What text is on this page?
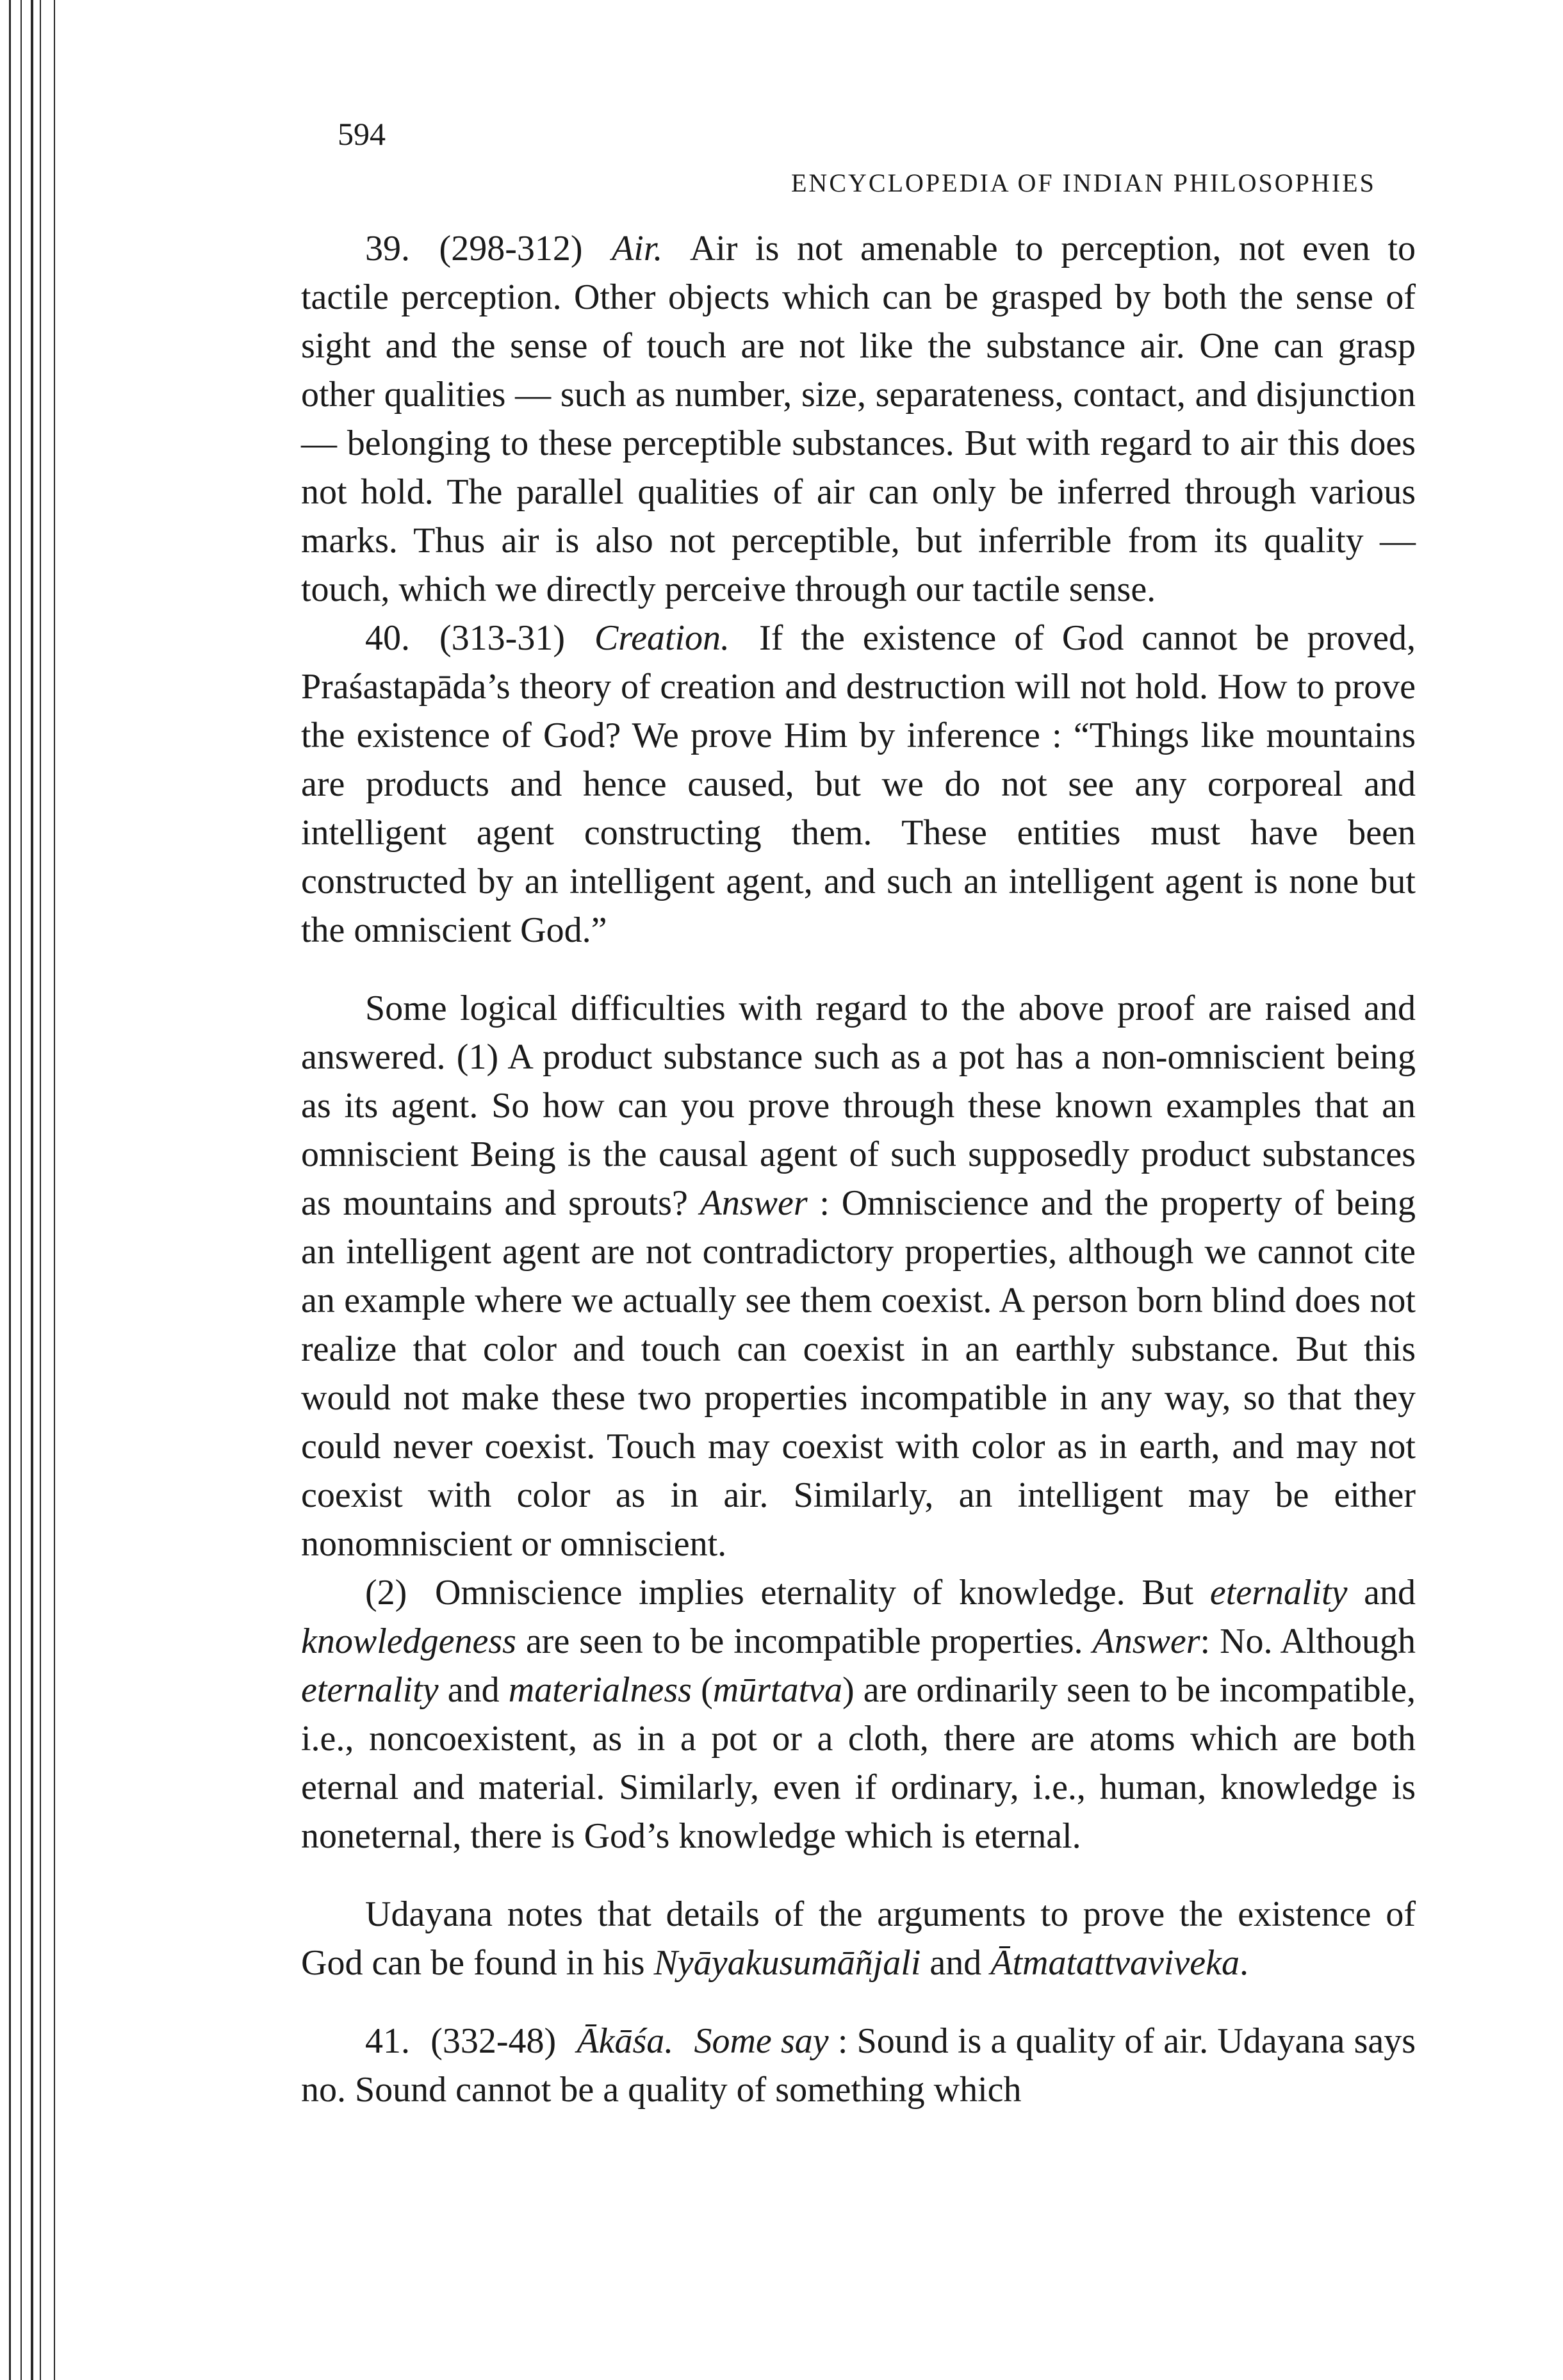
594

ENCYCLOPEDIA OF INDIAN PHILOSOPHIES

39. (298-312) Air. Air is not amenable to perception, not even to tactile perception. Other objects which can be grasped by both the sense of sight and the sense of touch are not like the substance air. One can grasp other qualities — such as number, size, separateness, contact, and disjunction — belonging to these perceptible substances. But with regard to air this does not hold. The parallel qualities of air can only be inferred through various marks. Thus air is also not perceptible, but inferrible from its quality — touch, which we directly perceive through our tactile sense.

40. (313-31) Creation. If the existence of God cannot be proved, Praśastapāda’s theory of creation and destruction will not hold. How to prove the existence of God? We prove Him by inference : “Things like mountains are products and hence caused, but we do not see any corporeal and intelligent agent constructing them. These entities must have been constructed by an intelligent agent, and such an intelligent agent is none but the omniscient God.”

Some logical difficulties with regard to the above proof are raised and answered. (1) A product substance such as a pot has a non-omniscient being as its agent. So how can you prove through these known examples that an omniscient Being is the causal agent of such supposedly product substances as mountains and sprouts? Answer : Omniscience and the property of being an intelligent agent are not contradictory properties, although we cannot cite an example where we actually see them coexist. A person born blind does not realize that color and touch can coexist in an earthly substance. But this would not make these two properties incompatible in any way, so that they could never coexist. Touch may coexist with color as in earth, and may not coexist with color as in air. Similarly, an intelligent may be either nonomniscient or omniscient.

(2) Omniscience implies eternality of knowledge. But eternality and knowledgeness are seen to be incompatible properties. Answer: No. Although eternality and materialness (mūrtatva) are ordinarily seen to be incompatible, i.e., noncoexistent, as in a pot or a cloth, there are atoms which are both eternal and material. Similarly, even if ordinary, i.e., human, knowledge is noneternal, there is God’s knowledge which is eternal.

Udayana notes that details of the arguments to prove the existence of God can be found in his Nyāyakusumāñjali and Ātmatattvaviveka.

41. (332-48) Ākāśa. Some say : Sound is a quality of air. Udayana says no. Sound cannot be a quality of something which
